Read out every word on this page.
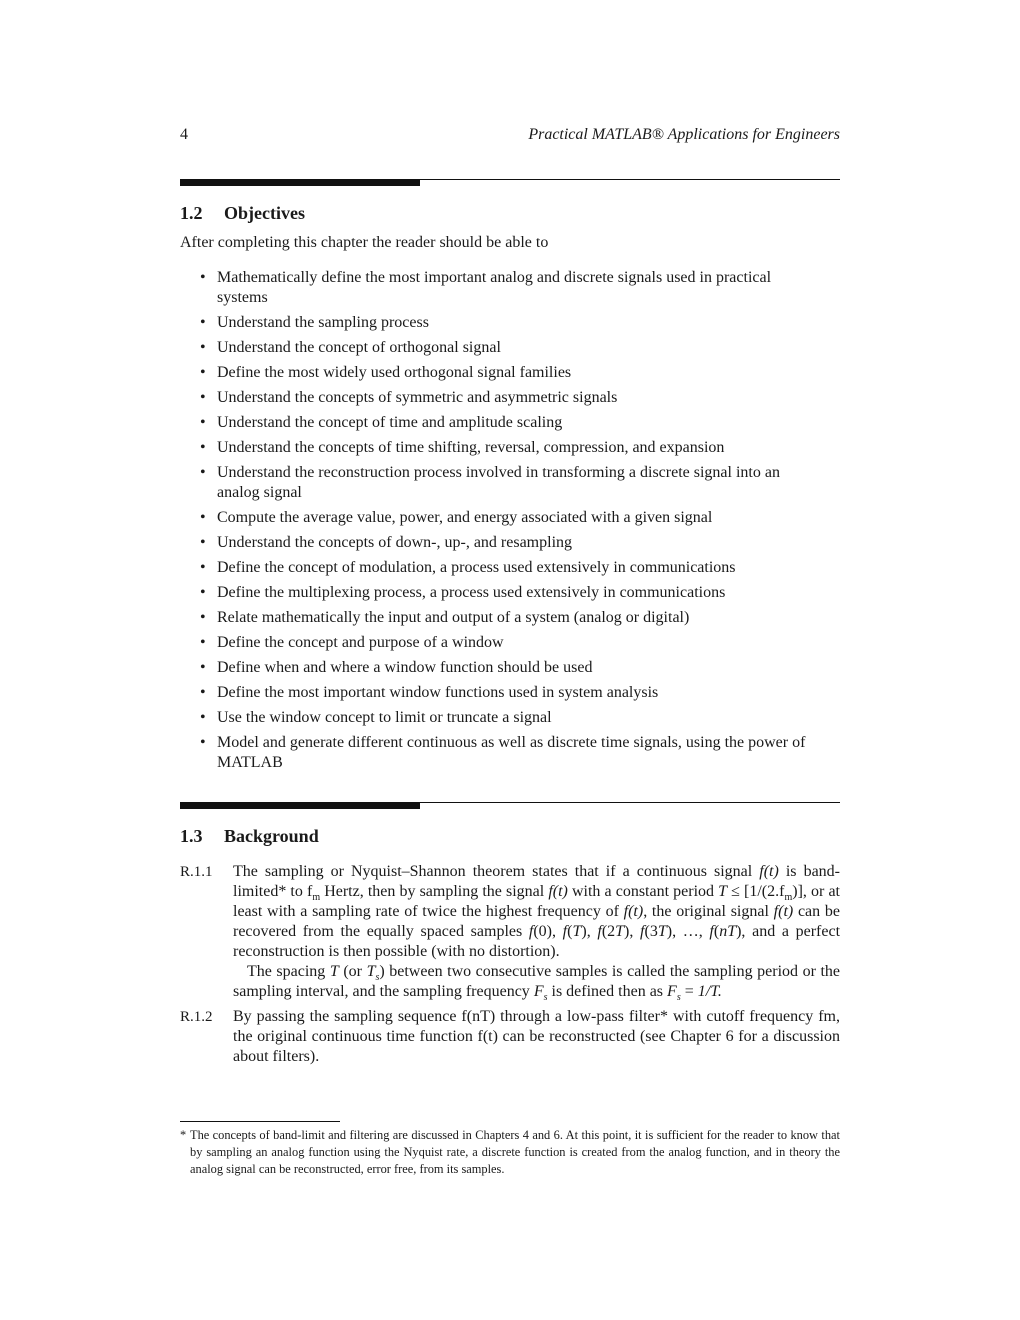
4	Practical MATLAB® Applications for Engineers
1.2 Objectives
After completing this chapter the reader should be able to
• Mathematically define the most important analog and discrete signals used in practical systems
• Understand the sampling process
• Understand the concept of orthogonal signal
• Define the most widely used orthogonal signal families
• Understand the concepts of symmetric and asymmetric signals
• Understand the concept of time and amplitude scaling
• Understand the concepts of time shifting, reversal, compression, and expansion
• Understand the reconstruction process involved in transforming a discrete signal into an analog signal
• Compute the average value, power, and energy associated with a given signal
• Understand the concepts of down-, up-, and resampling
• Define the concept of modulation, a process used extensively in communications
• Define the multiplexing process, a process used extensively in communications
• Relate mathematically the input and output of a system (analog or digital)
• Define the concept and purpose of a window
• Define when and where a window function should be used
• Define the most important window functions used in system analysis
• Use the window concept to limit or truncate a signal
• Model and generate different continuous as well as discrete time signals, using the power of MATLAB
1.3 Background
R.1.1 The sampling or Nyquist–Shannon theorem states that if a continuous signal f(t) is band-limited* to $f_m$ Hertz, then by sampling the signal f(t) with a constant period $T \le [1/(2.f_m)]$, or at least with a sampling rate of twice the highest frequency of f(t), the original signal f(t) can be recovered from the equally spaced samples f(0), f(T), f(2T), f(3T), …, f(nT), and a perfect reconstruction is then possible (with no distortion).

The spacing T (or $T_s$) between two consecutive samples is called the sampling period or the sampling interval, and the sampling frequency $F_s$ is defined then as $F_s = 1/T$.

R.1.2 By passing the sampling sequence f(nT) through a low-pass filter* with cutoff frequency fm, the original continuous time function f(t) can be reconstructed (see Chapter 6 for a discussion about filters).

* The concepts of band-limit and filtering are discussed in Chapters 4 and 6. At this point, it is sufficient for the reader to know that by sampling an analog function using the Nyquist rate, a discrete function is created from the analog function, and in theory the analog signal can be reconstructed, error free, from its samples.
